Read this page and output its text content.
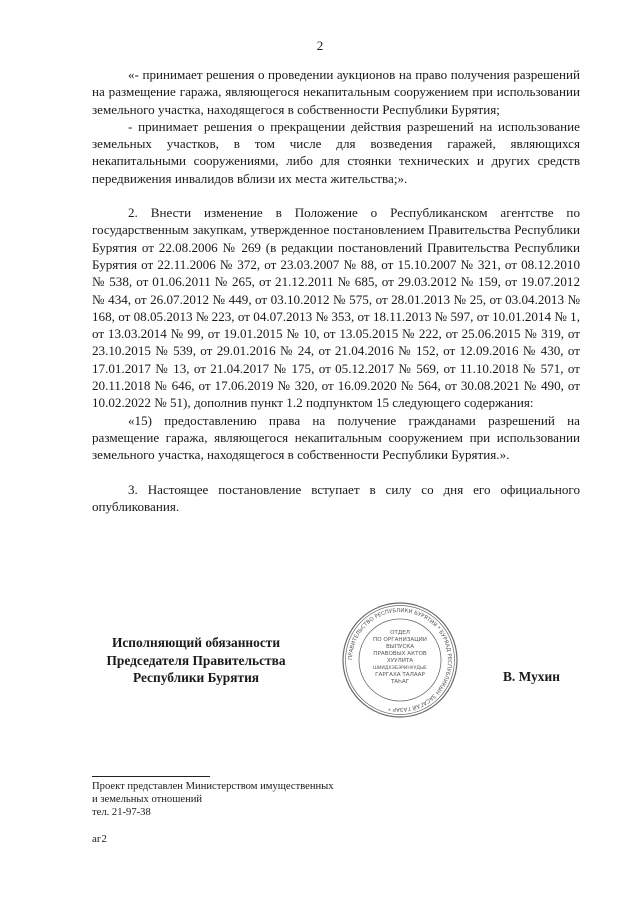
2

«- принимает решения о проведении аукционов на право получения разрешений на размещение гаража, являющегося некапитальным сооружением при использовании земельного участка, находящегося в собственности Республики Бурятия;

- принимает решения о прекращении действия разрешений на использование земельных участков, в том числе для возведения гаражей, являющихся некапитальными сооружениями, либо для стоянки технических и других средств передвижения инвалидов вблизи их места жительства;».

2. Внести изменение в Положение о Республиканском агентстве по государственным закупкам, утвержденное постановлением Правительства Республики Бурятия от 22.08.2006 № 269 (в редакции постановлений Правительства Республики Бурятия от 22.11.2006 № 372, от 23.03.2007 № 88, от 15.10.2007 № 321, от 08.12.2010 № 538, от 01.06.2011 № 265, от 21.12.2011 № 685, от 29.03.2012 № 159, от 19.07.2012 № 434, от 26.07.2012 № 449, от 03.10.2012 № 575, от 28.01.2013 № 25, от 03.04.2013 № 168, от 08.05.2013 № 223, от 04.07.2013 № 353, от 18.11.2013 № 597, от 10.01.2014 № 1, от 13.03.2014 № 99, от 19.01.2015 № 10, от 13.05.2015 № 222, от 25.06.2015 № 319, от 23.10.2015 № 539, от 29.01.2016 № 24, от 21.04.2016 № 152, от 12.09.2016 № 430, от 17.01.2017 № 13, от 21.04.2017 № 175, от 05.12.2017 № 569, от 11.10.2018 № 571, от 20.11.2018 № 646, от 17.06.2019 № 320, от 16.09.2020 № 564, от 30.08.2021 № 490, от 10.02.2022 № 51), дополнив пункт 1.2 подпунктом 15 следующего содержания:

«15) предоставлению права на получение гражданами разрешений на размещение гаража, являющегося некапитальным сооружением при использовании земельного участка, находящегося в собственности Республики Бурятия.».

3. Настоящее постановление вступает в силу со дня его официального опубликования.

Исполняющий обязанности
Председателя Правительства
Республики Бурятия
ПРАВИТЕЛЬСТВО РЕСПУБЛИКИ БУРЯТИЯ * БУРЯАД РЕСПУБЛИКЫН ЗАСАГАЙ ГАЗАР *
ОТДЕЛ
ПО ОРГАНИЗАЦИИ
ВЫПУСКА
ПРАВОВЫХ АКТОВ
ХУУЛИТА
ШИИДХЭБЭРИНУУДЫЕ
ГАРГАХА ТАЛААР
ТАҺАГ	В. Мухин
Проект представлен Министерством имущественных
и земельных отношений
тел. 21-97-38
аг2
